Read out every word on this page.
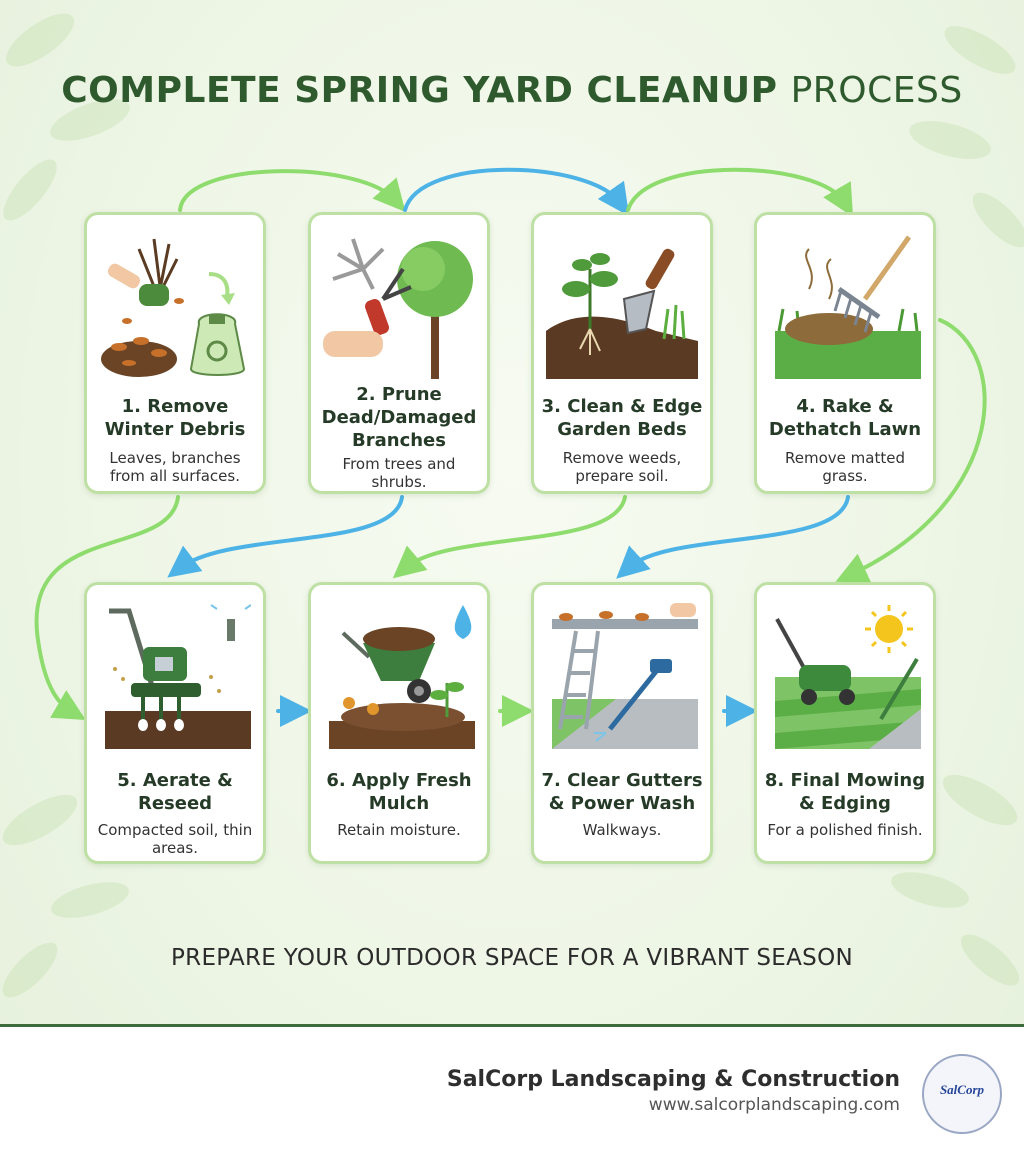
COMPLETE SPRING YARD CLEANUP PROCESS
1. Remove Winter Debris
Leaves, branches from all surfaces.
2. Prune Dead/Damaged Branches
From trees and shrubs.
3. Clean & Edge Garden Beds
Remove weeds, prepare soil.
4. Rake & Dethatch Lawn
Remove matted grass.
5. Aerate & Reseed
Compacted soil, thin areas.
6. Apply Fresh Mulch
Retain moisture.
7. Clear Gutters & Power Wash
Walkways.
8. Final Mowing & Edging
For a polished finish.
PREPARE YOUR OUTDOOR SPACE FOR A VIBRANT SEASON
SalCorp Landscaping & Construction
www.salcorplandscaping.com
SalCorp
